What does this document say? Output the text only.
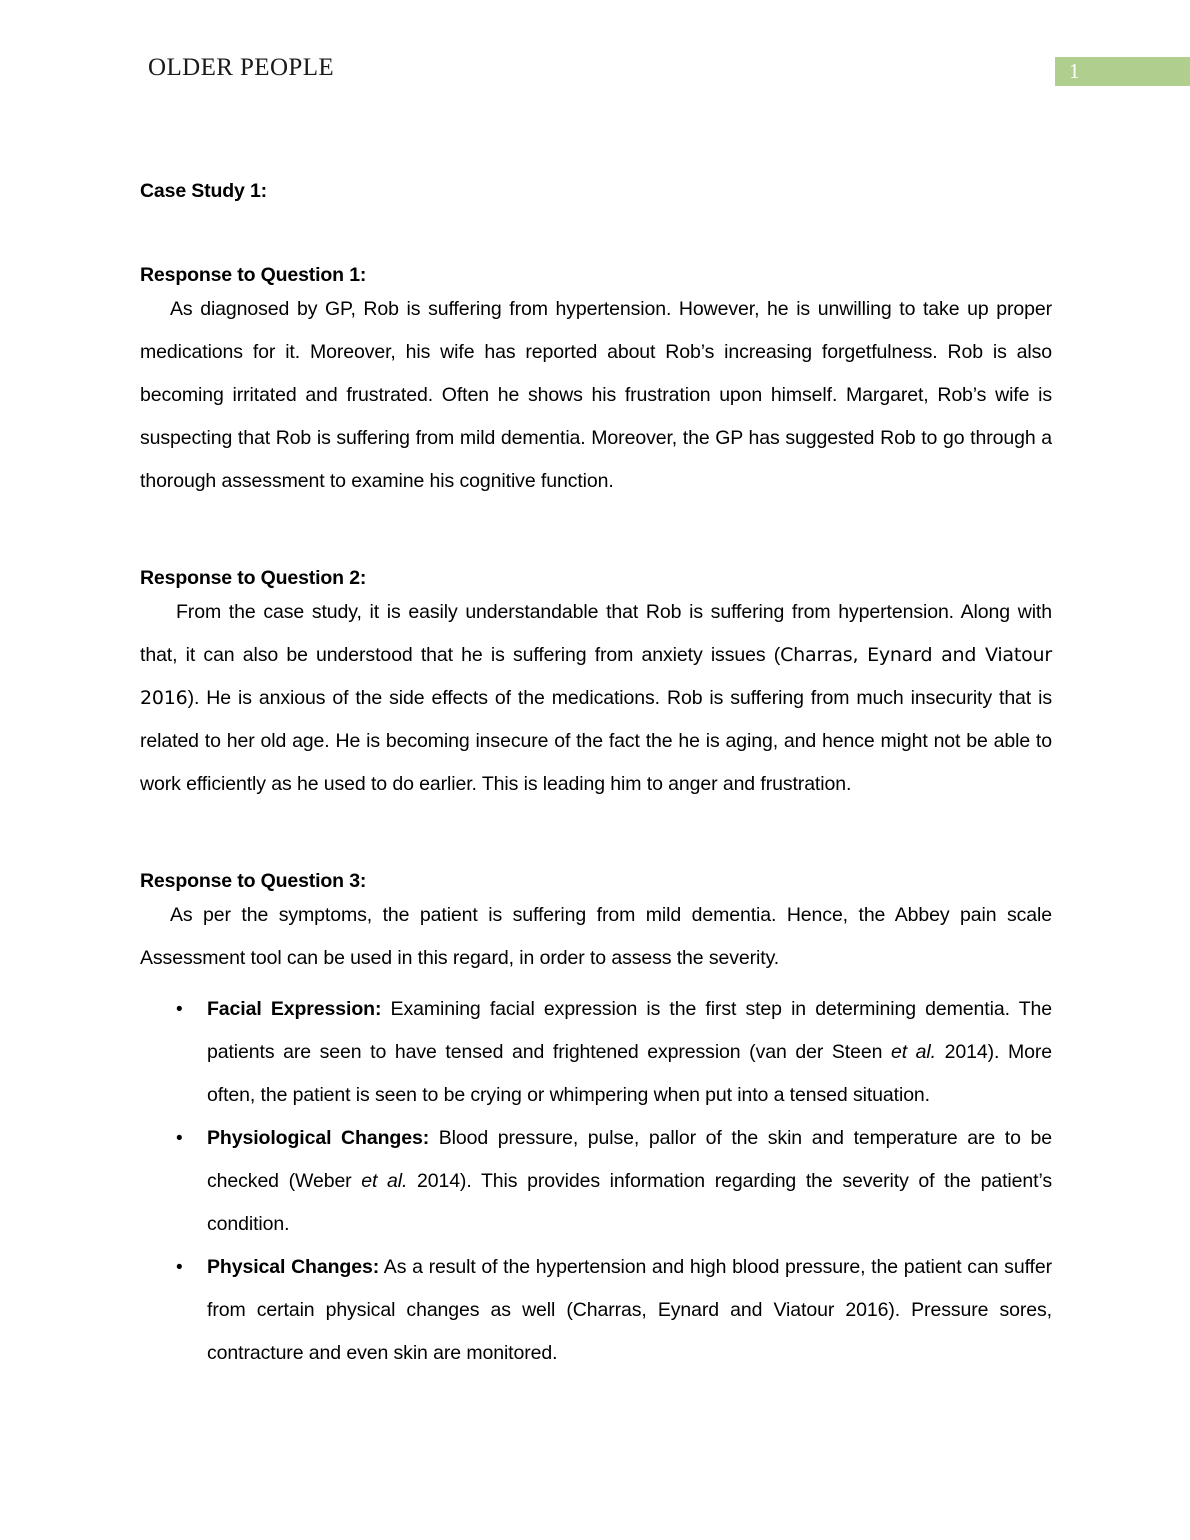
OLDER PEOPLE	1
Case Study 1:
Response to Question 1:

As diagnosed by GP, Rob is suffering from hypertension. However, he is unwilling to take up proper medications for it. Moreover, his wife has reported about Rob’s increasing forgetfulness. Rob is also becoming irritated and frustrated. Often he shows his frustration upon himself. Margaret, Rob’s wife is suspecting that Rob is suffering from mild dementia. Moreover, the GP has suggested Rob to go through a thorough assessment to examine his cognitive function.

Response to Question 2:

From the case study, it is easily understandable that Rob is suffering from hypertension. Along with that, it can also be understood that he is suffering from anxiety issues (Charras, Eynard and Viatour 2016). He is anxious of the side effects of the medications. Rob is suffering from much insecurity that is related to her old age. He is becoming insecure of the fact the he is aging, and hence might not be able to work efficiently as he used to do earlier. This is leading him to anger and frustration.

Response to Question 3:

As per the symptoms, the patient is suffering from mild dementia. Hence, the Abbey pain scale Assessment tool can be used in this regard, in order to assess the severity.

• Facial Expression: Examining facial expression is the first step in determining dementia. The patients are seen to have tensed and frightened expression (van der Steen et al. 2014). More often, the patient is seen to be crying or whimpering when put into a tensed situation.
• Physiological Changes: Blood pressure, pulse, pallor of the skin and temperature are to be checked (Weber et al. 2014). This provides information regarding the severity of the patient’s condition.
• Physical Changes: As a result of the hypertension and high blood pressure, the patient can suffer from certain physical changes as well (Charras, Eynard and Viatour 2016). Pressure sores, contracture and even skin are monitored.
